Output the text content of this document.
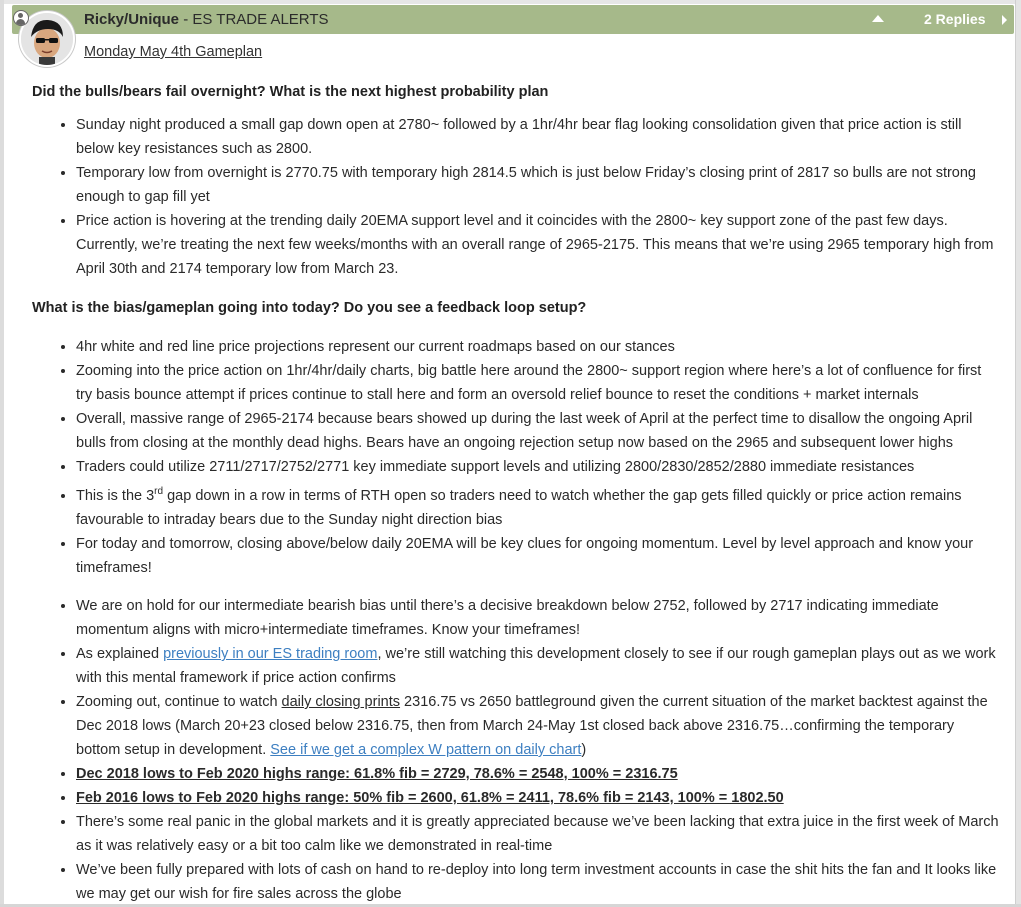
Ricky/Unique - ES TRADE ALERTS	2 Replies
Monday May 4th Gameplan
Did the bulls/bears fail overnight? What is the next highest probability plan
• Sunday night produced a small gap down open at 2780~ followed by a 1hr/4hr bear flag looking consolidation given that price action is still below key resistances such as 2800.
• Temporary low from overnight is 2770.75 with temporary high 2814.5 which is just below Friday’s closing print of 2817 so bulls are not strong enough to gap fill yet
• Price action is hovering at the trending daily 20EMA support level and it coincides with the 2800~ key support zone of the past few days. Currently, we’re treating the next few weeks/months with an overall range of 2965-2175. This means that we’re using 2965 temporary high from April 30th and 2174 temporary low from March 23.
What is the bias/gameplan going into today? Do you see a feedback loop setup?
• 4hr white and red line price projections represent our current roadmaps based on our stances
• Zooming into the price action on 1hr/4hr/daily charts, big battle here around the 2800~ support region where here’s a lot of confluence for first try basis bounce attempt if prices continue to stall here and form an oversold relief bounce to reset the conditions + market internals
• Overall, massive range of 2965-2174 because bears showed up during the last week of April at the perfect time to disallow the ongoing April bulls from closing at the monthly dead highs. Bears have an ongoing rejection setup now based on the 2965 and subsequent lower highs
• Traders could utilize 2711/2717/2752/2771 key immediate support levels and utilizing 2800/2830/2852/2880 immediate resistances
• This is the 3rd gap down in a row in terms of RTH open so traders need to watch whether the gap gets filled quickly or price action remains favourable to intraday bears due to the Sunday night direction bias
• For today and tomorrow, closing above/below daily 20EMA will be key clues for ongoing momentum. Level by level approach and know your timeframes!
• We are on hold for our intermediate bearish bias until there’s a decisive breakdown below 2752, followed by 2717 indicating immediate momentum aligns with micro+intermediate timeframes. Know your timeframes!
• As explained previously in our ES trading room, we’re still watching this development closely to see if our rough gameplan plays out as we work with this mental framework if price action confirms
• Zooming out, continue to watch daily closing prints 2316.75 vs 2650 battleground given the current situation of the market backtest against the Dec 2018 lows (March 20+23 closed below 2316.75, then from March 24-May 1st closed back above 2316.75…confirming the temporary bottom setup in development. See if we get a complex W pattern on daily chart)
• Dec 2018 lows to Feb 2020 highs range: 61.8% fib = 2729, 78.6% = 2548, 100% = 2316.75
• Feb 2016 lows to Feb 2020 highs range: 50% fib = 2600, 61.8% = 2411, 78.6% fib = 2143, 100% = 1802.50
• There’s some real panic in the global markets and it is greatly appreciated because we’ve been lacking that extra juice in the first week of March as it was relatively easy or a bit too calm like we demonstrated in real-time
• We’ve been fully prepared with lots of cash on hand to re-deploy into long term investment accounts in case the shit hits the fan and It looks like we may get our wish for fire sales across the globe
